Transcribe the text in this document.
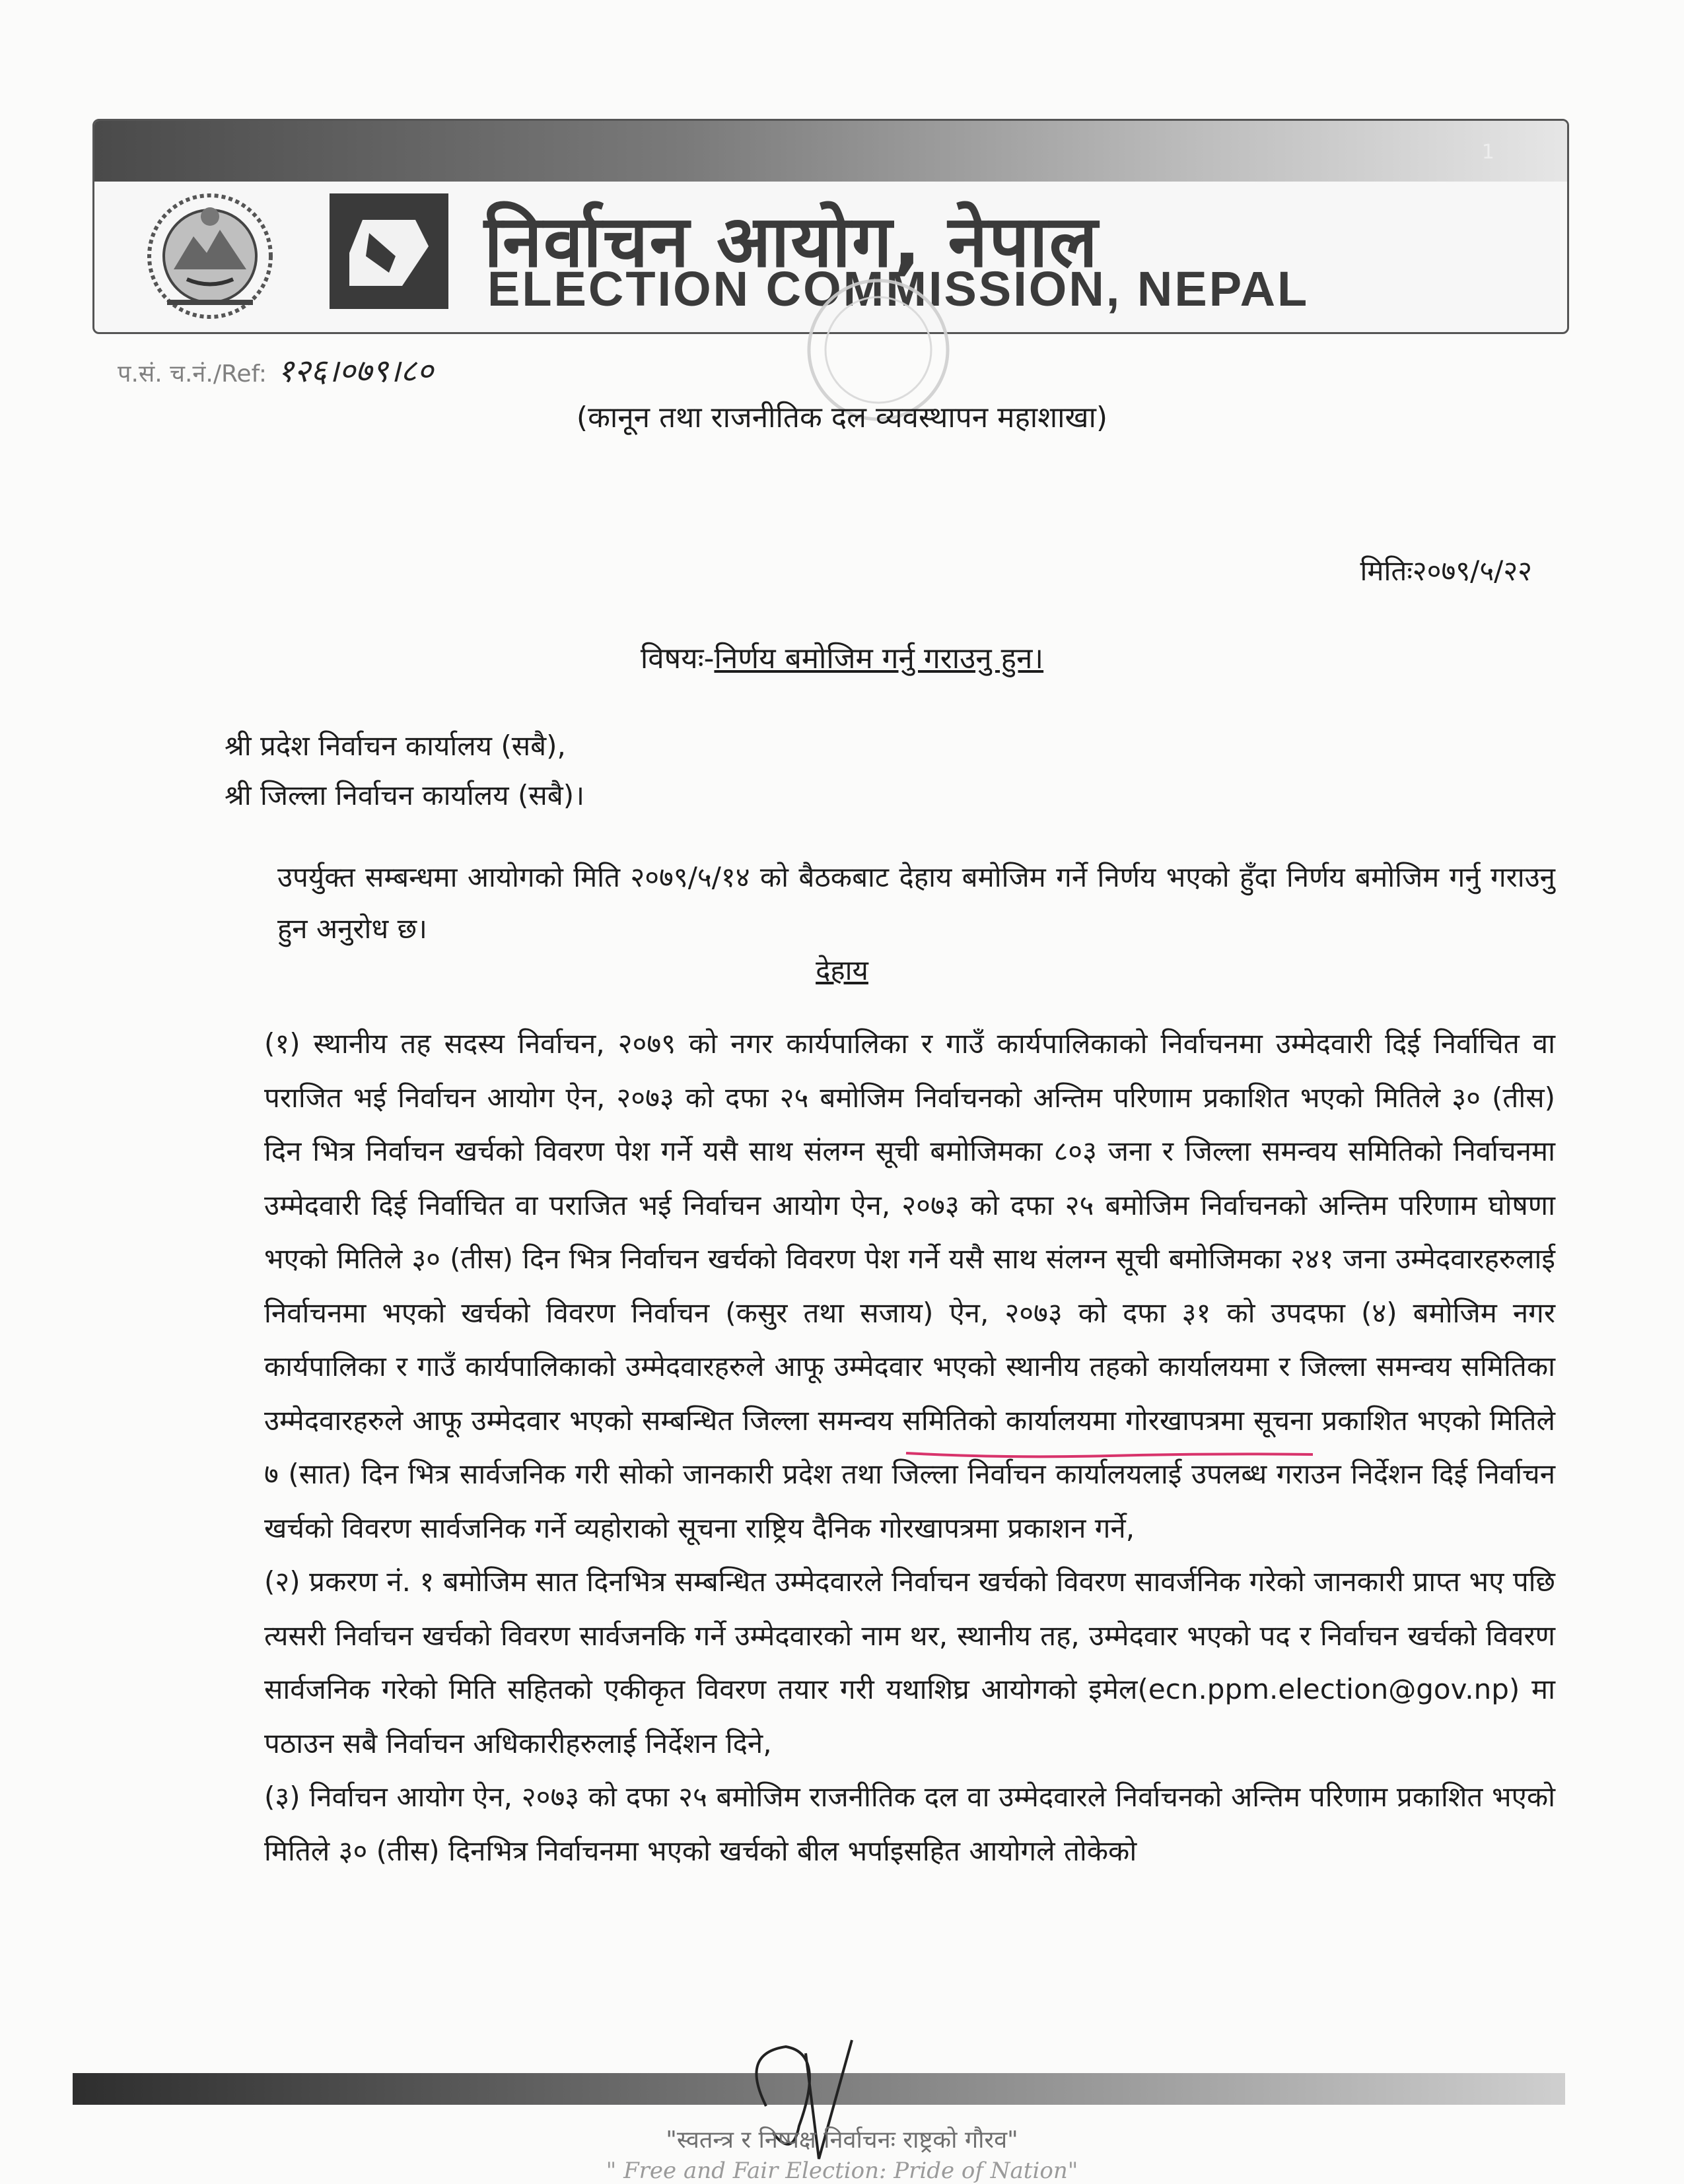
1
निर्वाचन आयोग, नेपाल
ELECTION COMMISSION, NEPAL
प.सं. च.नं./Ref: १२६।०७९।८०
(कानून तथा राजनीतिक दल व्यवस्थापन महाशाखा)
मितिः२०७९/५/२२
विषयः-निर्णय बमोजिम गर्नु गराउनु हुन।
श्री प्रदेश निर्वाचन कार्यालय (सबै),
श्री जिल्ला निर्वाचन कार्यालय (सबै)।
उपर्युक्त सम्बन्धमा आयोगको मिति २०७९/५/१४ को बैठकबाट देहाय बमोजिम गर्ने निर्णय भएको हुँदा निर्णय बमोजिम गर्नु गराउनु हुन अनुरोध छ।
देहाय

(१) स्थानीय तह सदस्य निर्वाचन, २०७९ को नगर कार्यपालिका र गाउँ कार्यपालिकाको निर्वाचनमा उम्मेदवारी दिई निर्वाचित वा पराजित भई निर्वाचन आयोग ऐन, २०७३ को दफा २५ बमोजिम निर्वाचनको अन्तिम परिणाम प्रकाशित भएको मितिले ३० (तीस) दिन भित्र निर्वाचन खर्चको विवरण पेश गर्ने यसै साथ संलग्न सूची बमोजिमका ८०३ जना र जिल्ला समन्वय समितिको निर्वाचनमा उम्मेदवारी दिई निर्वाचित वा पराजित भई निर्वाचन आयोग ऐन, २०७३ को दफा २५ बमोजिम निर्वाचनको अन्तिम परिणाम घोषणा भएको मितिले ३० (तीस) दिन भित्र निर्वाचन खर्चको विवरण पेश गर्ने यसै साथ संलग्न सूची बमोजिमका २४१ जना उम्मेदवारहरुलाई निर्वाचनमा भएको खर्चको विवरण निर्वाचन (कसुर तथा सजाय) ऐन, २०७३ को दफा ३१ को उपदफा (४) बमोजिम नगर कार्यपालिका र गाउँ कार्यपालिकाको उम्मेदवारहरुले आफू उम्मेदवार भएको स्थानीय तहको कार्यालयमा र जिल्ला समन्वय समितिका उम्मेदवारहरुले आफू उम्मेदवार भएको सम्बन्धित जिल्ला समन्वय समितिको कार्यालयमा गोरखापत्रमा सूचना प्रकाशित भएको मितिले ७ (सात) दिन भित्र सार्वजनिक गरी सोको जानकारी प्रदेश तथा जिल्ला निर्वाचन कार्यालयलाई उपलब्ध गराउन निर्देशन दिई निर्वाचन खर्चको विवरण सार्वजनिक गर्ने व्यहोराको सूचना राष्ट्रिय दैनिक गोरखापत्रमा प्रकाशन गर्ने,

(२) प्रकरण नं. १ बमोजिम सात दिनभित्र सम्बन्धित उम्मेदवारले निर्वाचन खर्चको विवरण सावर्जनिक गरेको जानकारी प्राप्त भए पछि त्यसरी निर्वाचन खर्चको विवरण सार्वजनकि गर्ने उम्मेदवारको नाम थर, स्थानीय तह, उम्मेदवार भएको पद र निर्वाचन खर्चको विवरण सार्वजनिक गरेको मिति सहितको एकीकृत विवरण तयार गरी यथाशिघ्र आयोगको इमेल(ecn.ppm.election@gov.np) मा पठाउन सबै निर्वाचन अधिकारीहरुलाई निर्देशन दिने,

(३) निर्वाचन आयोग ऐन, २०७३ को दफा २५ बमोजिम राजनीतिक दल वा उम्मेदवारले निर्वाचनको अन्तिम परिणाम प्रकाशित भएको मितिले ३० (तीस) दिनभित्र निर्वाचनमा भएको खर्चको बील भर्पाइसहित आयोगले तोकेको

"स्वतन्त्र र निष्पक्ष निर्वाचनः राष्ट्रको गौरव"
" Free and Fair Election: Pride of Nation"
